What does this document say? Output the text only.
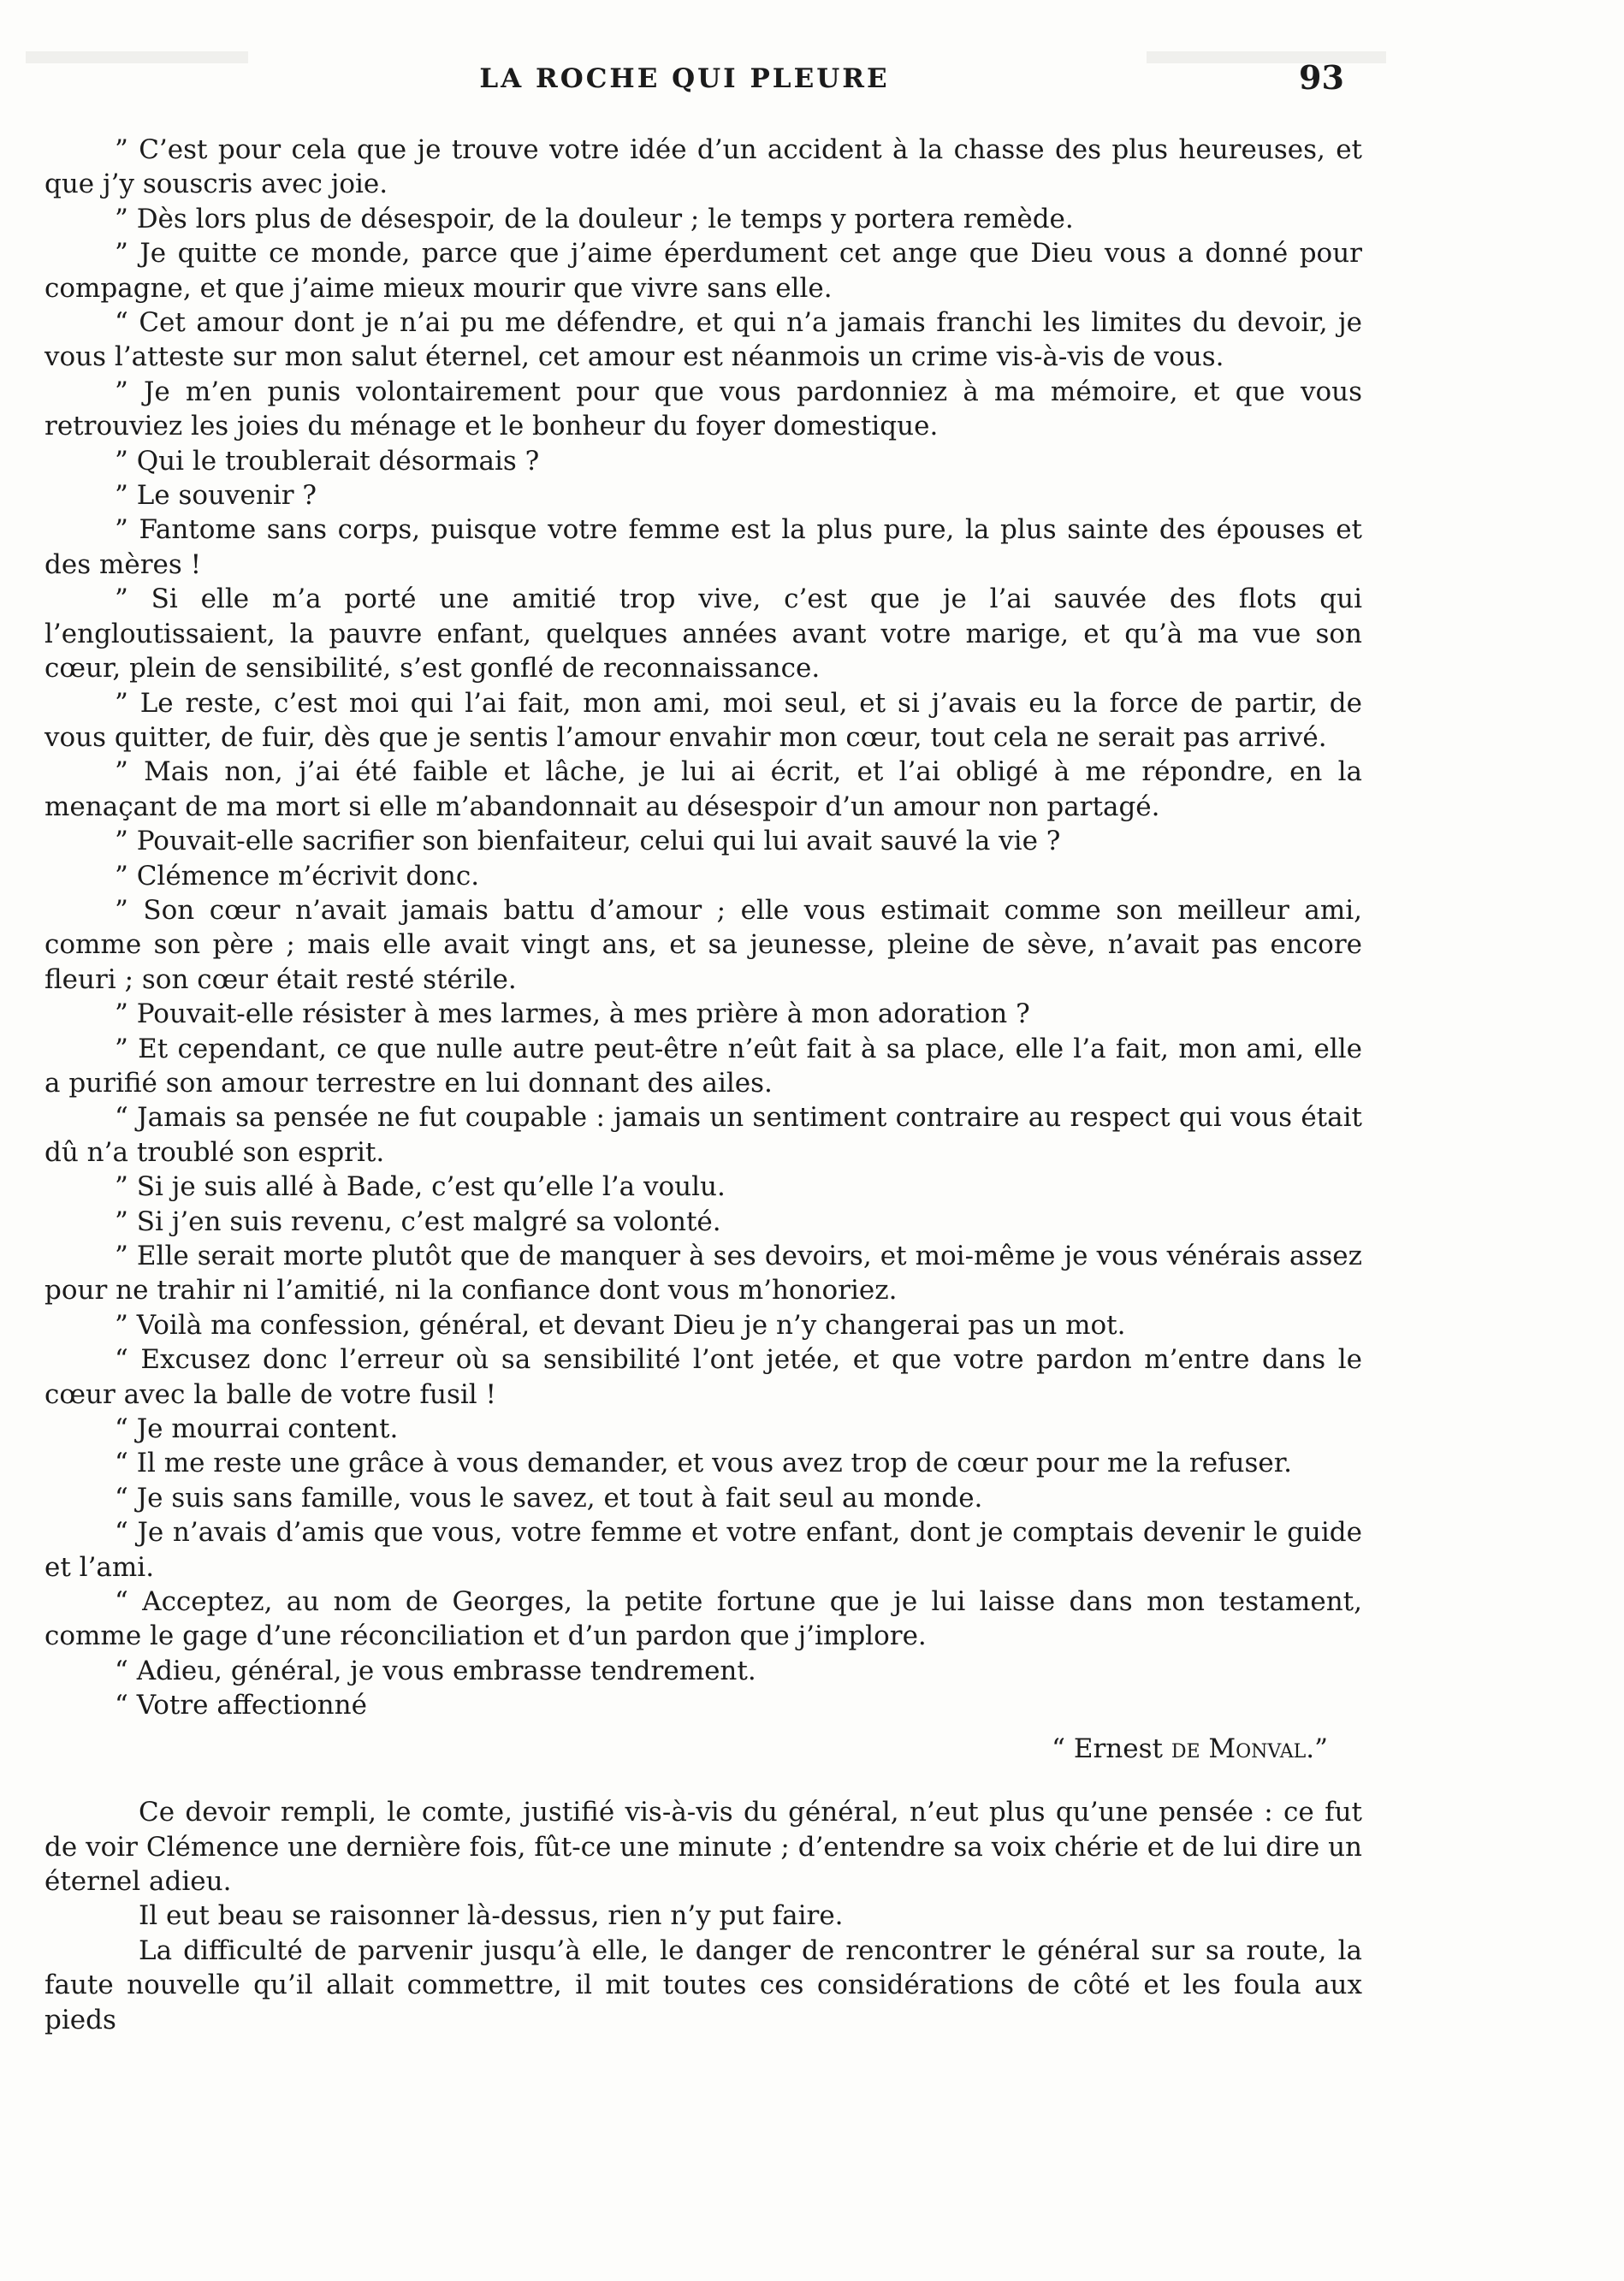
LA ROCHE QUI PLEURE	93

” C’est pour cela que je trouve votre idée d’un accident à la chasse des plus heureuses, et que j’y souscris avec joie.

” Dès lors plus de désespoir, de la douleur ; le temps y portera remède.

” Je quitte ce monde, parce que j’aime éperdument cet ange que Dieu vous a donné pour compagne, et que j’aime mieux mourir que vivre sans elle.

“ Cet amour dont je n’ai pu me défendre, et qui n’a jamais franchi les limites du devoir, je vous l’atteste sur mon salut éternel, cet amour est néanmois un crime vis-à-vis de vous.

” Je m’en punis volontairement pour que vous pardonniez à ma mémoire, et que vous retrouviez les joies du ménage et le bonheur du foyer domestique.

” Qui le troublerait désormais ?

” Le souvenir ?

” Fantome sans corps, puisque votre femme est la plus pure, la plus sainte des épouses et des mères !

” Si elle m’a porté une amitié trop vive, c’est que je l’ai sauvée des flots qui l’engloutissaient, la pauvre enfant, quelques années avant votre marige, et qu’à ma vue son cœur, plein de sensibilité, s’est gonflé de reconnaissance.

” Le reste, c’est moi qui l’ai fait, mon ami, moi seul, et si j’avais eu la force de partir, de vous quitter, de fuir, dès que je sentis l’amour envahir mon cœur, tout cela ne serait pas arrivé.

” Mais non, j’ai été faible et lâche, je lui ai écrit, et l’ai obligé à me répondre, en la menaçant de ma mort si elle m’abandonnait au désespoir d’un amour non partagé.

” Pouvait-elle sacrifier son bienfaiteur, celui qui lui avait sauvé la vie ?

” Clémence m’écrivit donc.

” Son cœur n’avait jamais battu d’amour ; elle vous estimait comme son meilleur ami, comme son père ; mais elle avait vingt ans, et sa jeunesse, pleine de sève, n’avait pas encore fleuri ; son cœur était resté stérile.

” Pouvait-elle résister à mes larmes, à mes prière à mon adoration ?

” Et cependant, ce que nulle autre peut-être n’eût fait à sa place, elle l’a fait, mon ami, elle a purifié son amour terrestre en lui donnant des ailes.

“ Jamais sa pensée ne fut coupable : jamais un sentiment contraire au respect qui vous était dû n’a troublé son esprit.

” Si je suis allé à Bade, c’est qu’elle l’a voulu.

” Si j’en suis revenu, c’est malgré sa volonté.

” Elle serait morte plutôt que de manquer à ses devoirs, et moi-même je vous vénérais assez pour ne trahir ni l’amitié, ni la confiance dont vous m’honoriez.

” Voilà ma confession, général, et devant Dieu je n’y changerai pas un mot.

“ Excusez donc l’erreur où sa sensibilité l’ont jetée, et que votre pardon m’entre dans le cœur avec la balle de votre fusil !

“ Je mourrai content.

“ Il me reste une grâce à vous demander, et vous avez trop de cœur pour me la refuser.

“ Je suis sans famille, vous le savez, et tout à fait seul au monde.

“ Je n’avais d’amis que vous, votre femme et votre enfant, dont je comptais devenir le guide et l’ami.

“ Acceptez, au nom de Georges, la petite fortune que je lui laisse dans mon testament, comme le gage d’une réconciliation et d’un pardon que j’implore.

“ Adieu, général, je vous embrasse tendrement.

“ Votre affectionné

“ Ernest de Monval.”

Ce devoir rempli, le comte, justifié vis-à-vis du général, n’eut plus qu’une pensée : ce fut de voir Clémence une dernière fois, fût-ce une minute ; d’entendre sa voix chérie et de lui dire un éternel adieu.

Il eut beau se raisonner là-dessus, rien n’y put faire.

La difficulté de parvenir jusqu’à elle, le danger de rencontrer le général sur sa route, la faute nouvelle qu’il allait commettre, il mit toutes ces considérations de côté et les foula aux pieds
